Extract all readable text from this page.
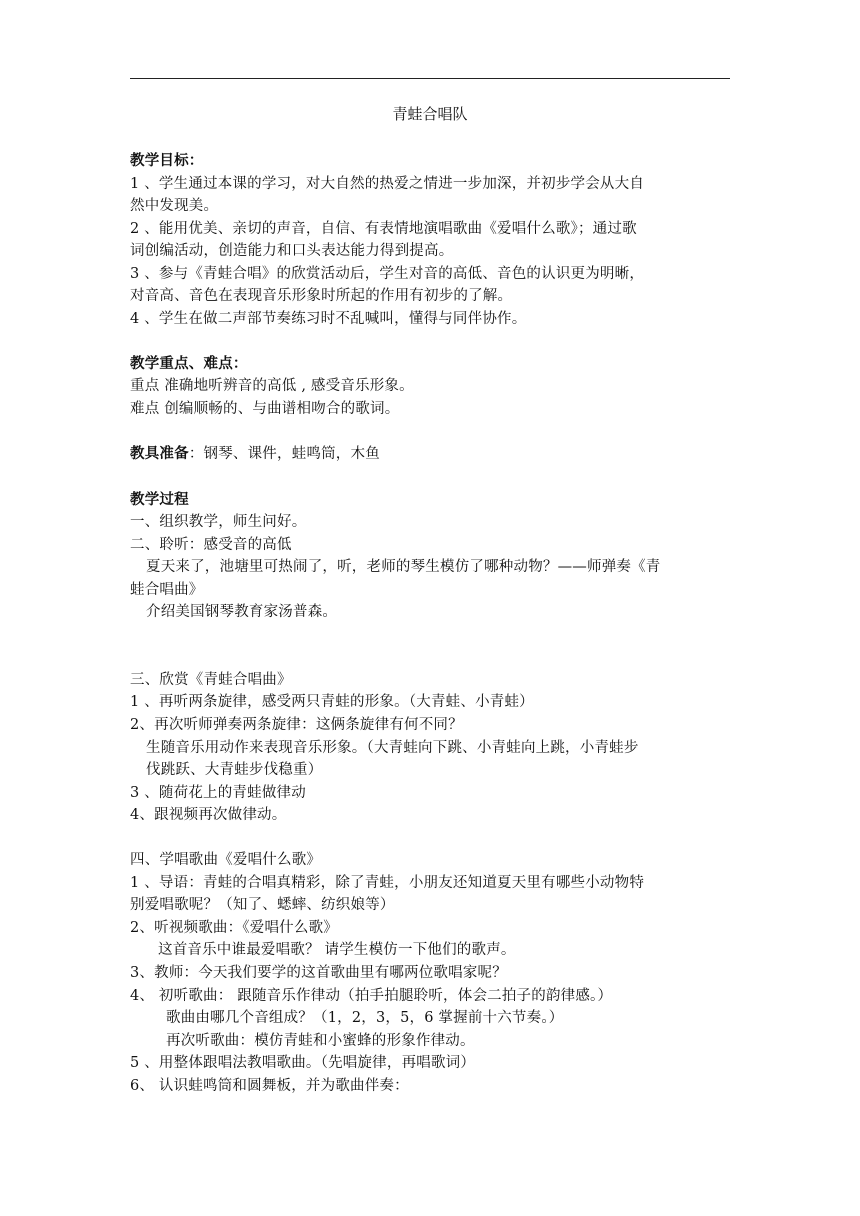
青蛙合唱队
教学目标：
1 、学生通过本课的学习，对大自然的热爱之情进一步加深，并初步学会从大自
然中发现美。
2 、能用优美、亲切的声音，自信、有表情地演唱歌曲《爱唱什么歌》；通过歌
词创编活动，创造能力和口头表达能力得到提高。
3 、参与《青蛙合唱》的欣赏活动后，学生对音的高低、音色的认识更为明晰，
对音高、音色在表现音乐形象时所起的作用有初步的了解。
4 、学生在做二声部节奏练习时不乱喊叫，懂得与同伴协作。
教学重点、难点：
重点 准确地听辨音的高低 , 感受音乐形象。
难点 创编顺畅的、与曲谱相吻合的歌词。
教具准备：钢琴、课件，蛙鸣筒，木鱼
教学过程
一、组织教学，师生问好。
二、聆听：感受音的高低
夏天来了，池塘里可热闹了，听，老师的琴生模仿了哪种动物？——师弹奏《青
蛙合唱曲》
介绍美国钢琴教育家汤普森。
三、欣赏《青蛙合唱曲》
1 、再听两条旋律，感受两只青蛙的形象。（大青蛙、小青蛙）
2、再次听师弹奏两条旋律：这俩条旋律有何不同？
生随音乐用动作来表现音乐形象。（大青蛙向下跳、小青蛙向上跳，小青蛙步
伐跳跃、大青蛙步伐稳重）
3 、随荷花上的青蛙做律动
4、跟视频再次做律动。
四、学唱歌曲《爱唱什么歌》
1 、导语：青蛙的合唱真精彩，除了青蛙，小朋友还知道夏天里有哪些小动物特
别爱唱歌呢？（知了、蟋蟀、纺织娘等）
2、听视频歌曲：《爱唱什么歌》
这首音乐中谁最爱唱歌？ 请学生模仿一下他们的歌声。
3、教师：今天我们要学的这首歌曲里有哪两位歌唱家呢？
4、 初听歌曲： 跟随音乐作律动（拍手拍腿聆听，体会二拍子的韵律感。）
歌曲由哪几个音组成？（1，2，3，5，6 掌握前十六节奏。）
再次听歌曲：模仿青蛙和小蜜蜂的形象作律动。
5 、用整体跟唱法教唱歌曲。（先唱旋律，再唱歌词）
6、 认识蛙鸣筒和圆舞板，并为歌曲伴奏：
